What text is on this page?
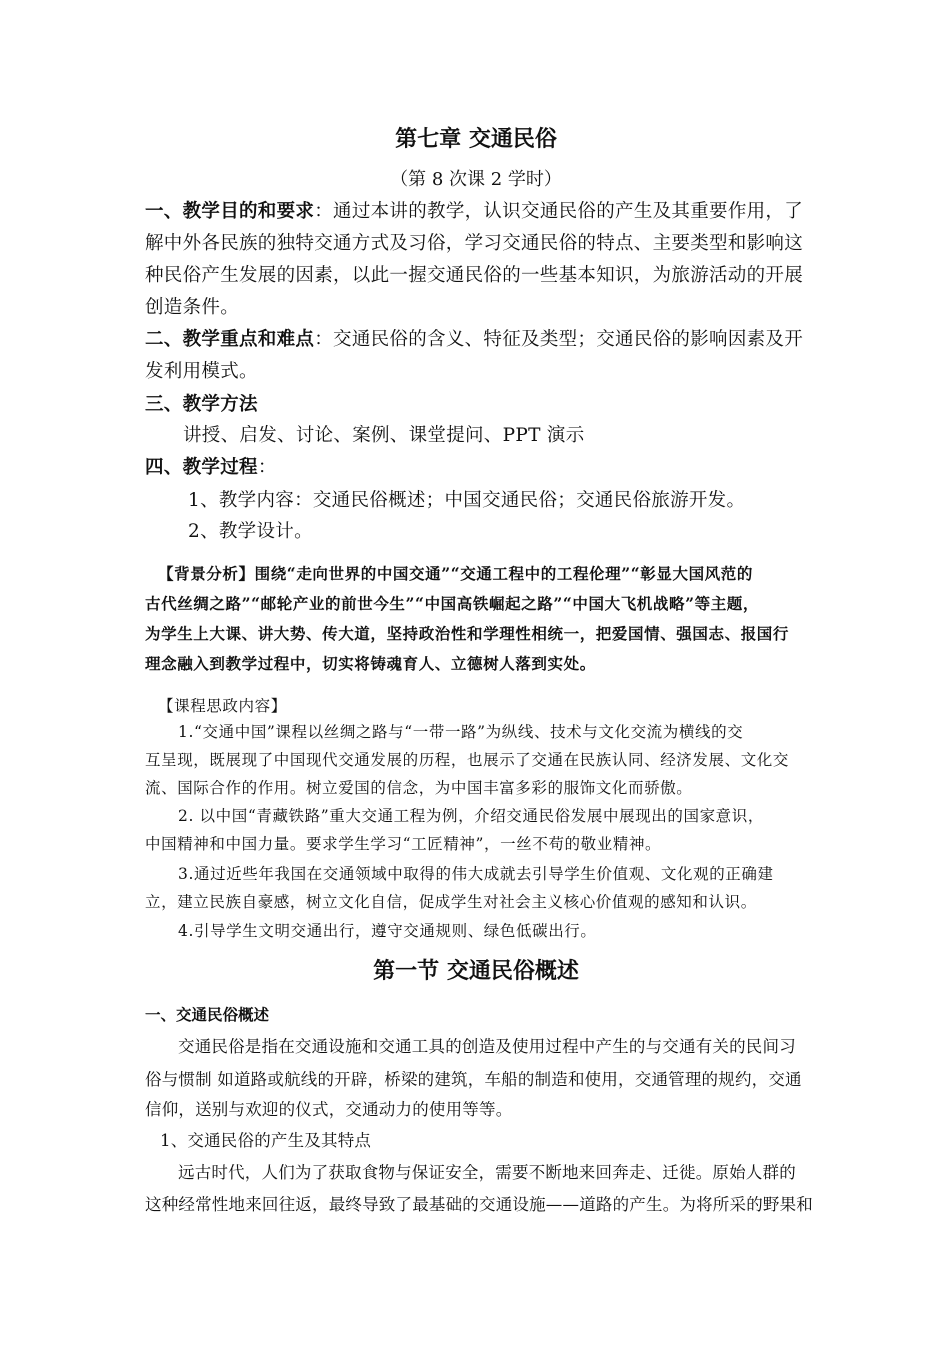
第七章 交通民俗
（第 8 次课 2 学时）
一、教学目的和要求：通过本讲的教学，认识交通民俗的产生及其重要作用，了
解中外各民族的独特交通方式及习俗，学习交通民俗的特点、主要类型和影响这
种民俗产生发展的因素，以此一握交通民俗的一些基本知识，为旅游活动的开展
创造条件。
二、教学重点和难点：交通民俗的含义、特征及类型；交通民俗的影响因素及开
发利用模式。
三、教学方法
讲授、启发、讨论、案例、课堂提问、PPT 演示
四、教学过程：
1、教学内容：交通民俗概述；中国交通民俗；交通民俗旅游开发。
2、教学设计。
【背景分析】围绕“走向世界的中国交通”“交通工程中的工程伦理”“彰显大国风范的
古代丝绸之路”“邮轮产业的前世今生”“中国高铁崛起之路”“中国大飞机战略”等主题，
为学生上大课、讲大势、传大道，坚持政治性和学理性相统一，把爱国情、强国志、报国行
理念融入到教学过程中，切实将铸魂育人、立德树人落到实处。
【课程思政内容】
1.“交通中国”课程以丝绸之路与“一带一路”为纵线、技术与文化交流为横线的交
互呈现，既展现了中国现代交通发展的历程，也展示了交通在民族认同、经济发展、文化交
流、国际合作的作用。树立爱国的信念，为中国丰富多彩的服饰文化而骄傲。
2. 以中国“青藏铁路”重大交通工程为例，介绍交通民俗发展中展现出的国家意识，
中国精神和中国力量。要求学生学习“工匠精神”，一丝不苟的敬业精神。
3.通过近些年我国在交通领域中取得的伟大成就去引导学生价值观、文化观的正确建
立，建立民族自豪感，树立文化自信，促成学生对社会主义核心价值观的感知和认识。
4.引导学生文明交通出行，遵守交通规则、绿色低碳出行。
第一节 交通民俗概述
一、交通民俗概述
交通民俗是指在交通设施和交通工具的创造及使用过程中产生的与交通有关的民间习
俗与惯制 如道路或航线的开辟，桥梁的建筑，车船的制造和使用，交通管理的规约，交通
信仰，送别与欢迎的仪式，交通动力的使用等等。
1、交通民俗的产生及其特点
远古时代，人们为了获取食物与保证安全，需要不断地来回奔走、迁徙。原始人群的
这种经常性地来回往返，最终导致了最基础的交通设施——道路的产生。为将所采的野果和
